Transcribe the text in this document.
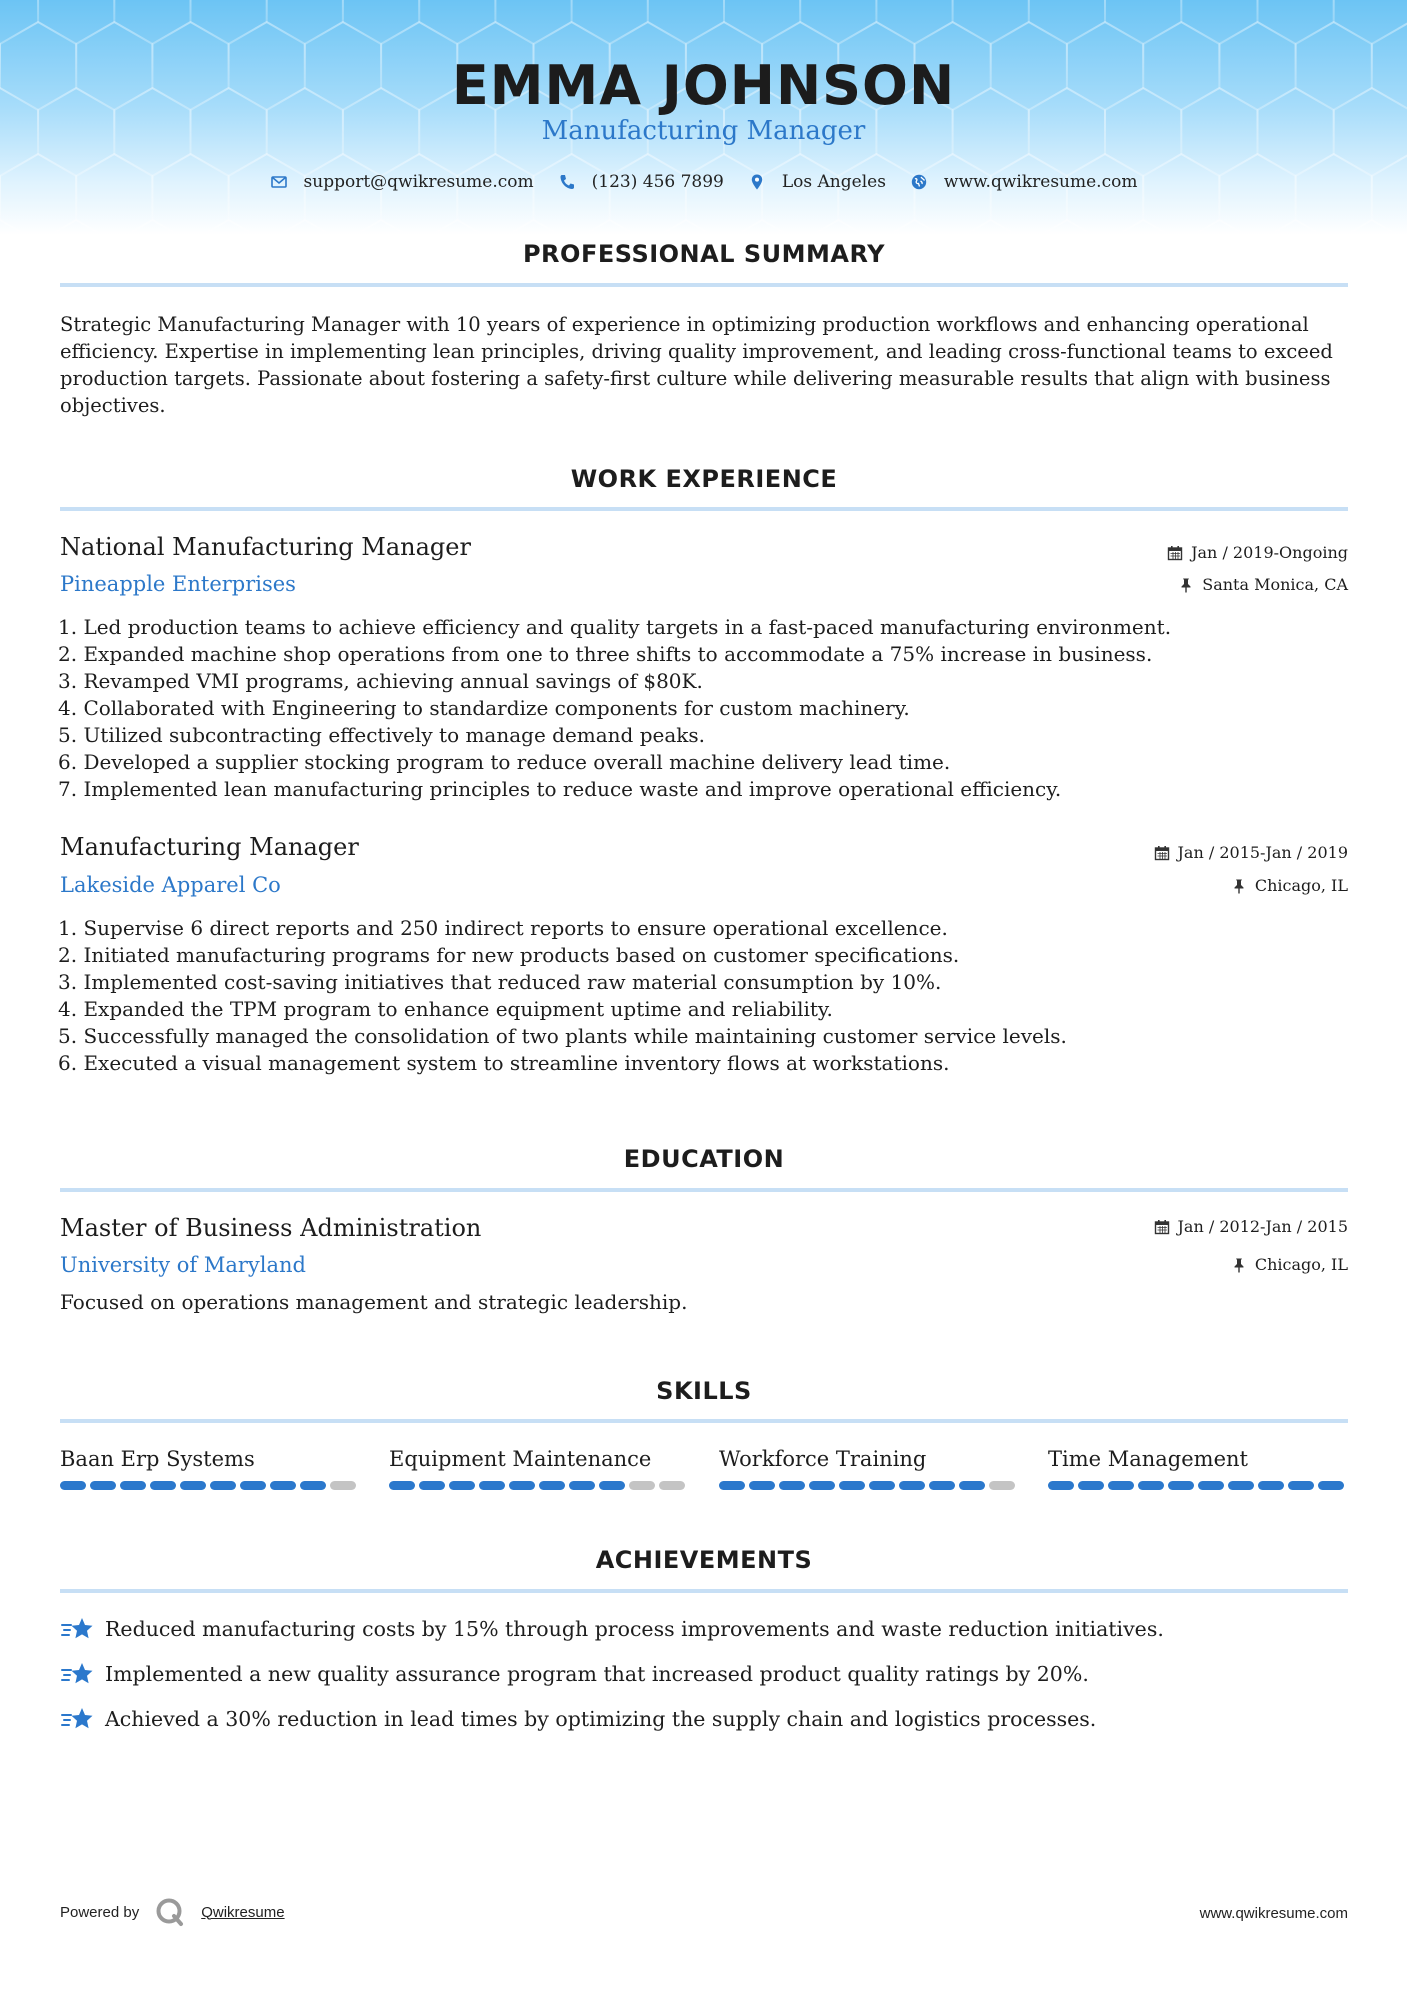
EMMA JOHNSON
Manufacturing Manager
support@qwikresume.com	(123) 456 7899	Los Angeles	www.qwikresume.com
PROFESSIONAL SUMMARY
Strategic Manufacturing Manager with 10 years of experience in optimizing production workflows and enhancing operational efficiency. Expertise in implementing lean principles, driving quality improvement, and leading cross-functional teams to exceed production targets. Passionate about fostering a safety-first culture while delivering measurable results that align with business objectives.
WORK EXPERIENCE
National Manufacturing Manager	Jan / 2019-Ongoing
Pineapple Enterprises	Santa Monica, CA
1. Led production teams to achieve efficiency and quality targets in a fast-paced manufacturing environment.
2. Expanded machine shop operations from one to three shifts to accommodate a 75% increase in business.
3. Revamped VMI programs, achieving annual savings of $80K.
4. Collaborated with Engineering to standardize components for custom machinery.
5. Utilized subcontracting effectively to manage demand peaks.
6. Developed a supplier stocking program to reduce overall machine delivery lead time.
7. Implemented lean manufacturing principles to reduce waste and improve operational efficiency.
Manufacturing Manager	Jan / 2015-Jan / 2019
Lakeside Apparel Co	Chicago, IL
1. Supervise 6 direct reports and 250 indirect reports to ensure operational excellence.
2. Initiated manufacturing programs for new products based on customer specifications.
3. Implemented cost-saving initiatives that reduced raw material consumption by 10%.
4. Expanded the TPM program to enhance equipment uptime and reliability.
5. Successfully managed the consolidation of two plants while maintaining customer service levels.
6. Executed a visual management system to streamline inventory flows at workstations.
EDUCATION
Master of Business Administration	Jan / 2012-Jan / 2015
University of Maryland	Chicago, IL
Focused on operations management and strategic leadership.
SKILLS
Baan Erp Systems	Equipment Maintenance	Workforce Training	Time Management
ACHIEVEMENTS
Reduced manufacturing costs by 15% through process improvements and waste reduction initiatives.
Implemented a new quality assurance program that increased product quality ratings by 20%.
Achieved a 30% reduction in lead times by optimizing the supply chain and logistics processes.
Powered by	Qwikresume	www.qwikresume.com
